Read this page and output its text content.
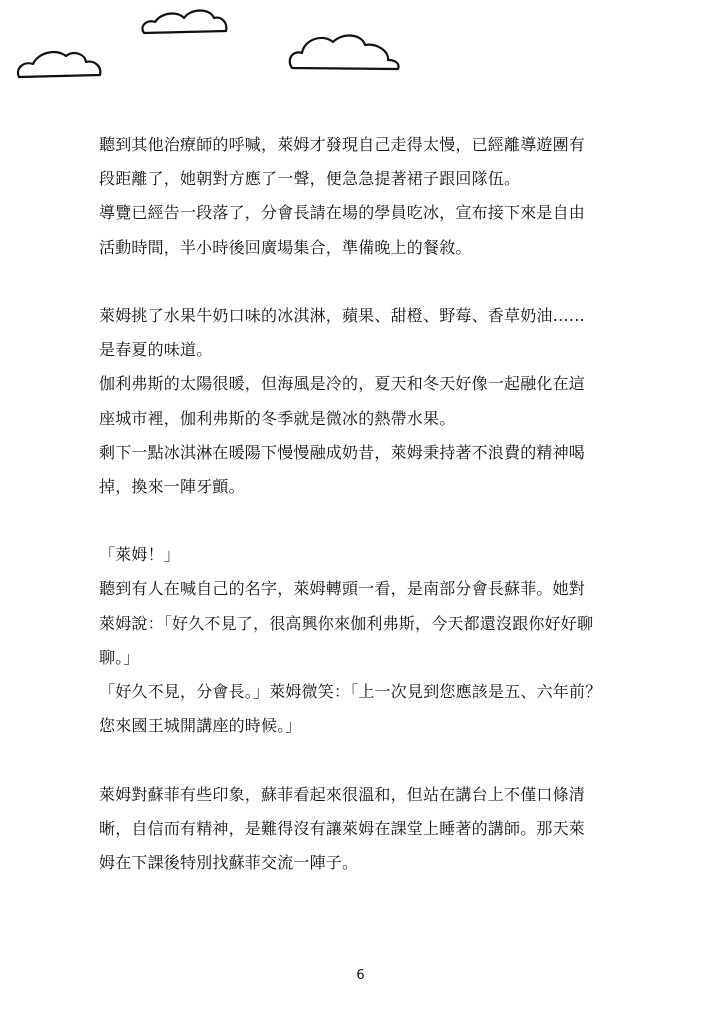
聽到其他治療師的呼喊，萊姆才發現自己走得太慢，已經離導遊團有
段距離了，她朝對方應了一聲，便急急提著裙子跟回隊伍。
導覽已經告一段落了，分會長請在場的學員吃冰，宣布接下來是自由
活動時間，半小時後回廣場集合，準備晚上的餐敘。
萊姆挑了水果牛奶口味的冰淇淋，蘋果、甜橙、野莓、香草奶油……
是春夏的味道。
伽利弗斯的太陽很暖，但海風是冷的，夏天和冬天好像一起融化在這
座城市裡，伽利弗斯的冬季就是微冰的熱帶水果。
剩下一點冰淇淋在暖陽下慢慢融成奶昔，萊姆秉持著不浪費的精神喝
掉，換來一陣牙顫。
「萊姆！」
聽到有人在喊自己的名字，萊姆轉頭一看，是南部分會長蘇菲。她對
萊姆說：「好久不見了，很高興你來伽利弗斯，今天都還沒跟你好好聊
聊。」
「好久不見，分會長。」萊姆微笑：「上一次見到您應該是五、六年前？
您來國王城開講座的時候。」
萊姆對蘇菲有些印象，蘇菲看起來很溫和，但站在講台上不僅口條清
晰，自信而有精神，是難得沒有讓萊姆在課堂上睡著的講師。那天萊
姆在下課後特別找蘇菲交流一陣子。
6
